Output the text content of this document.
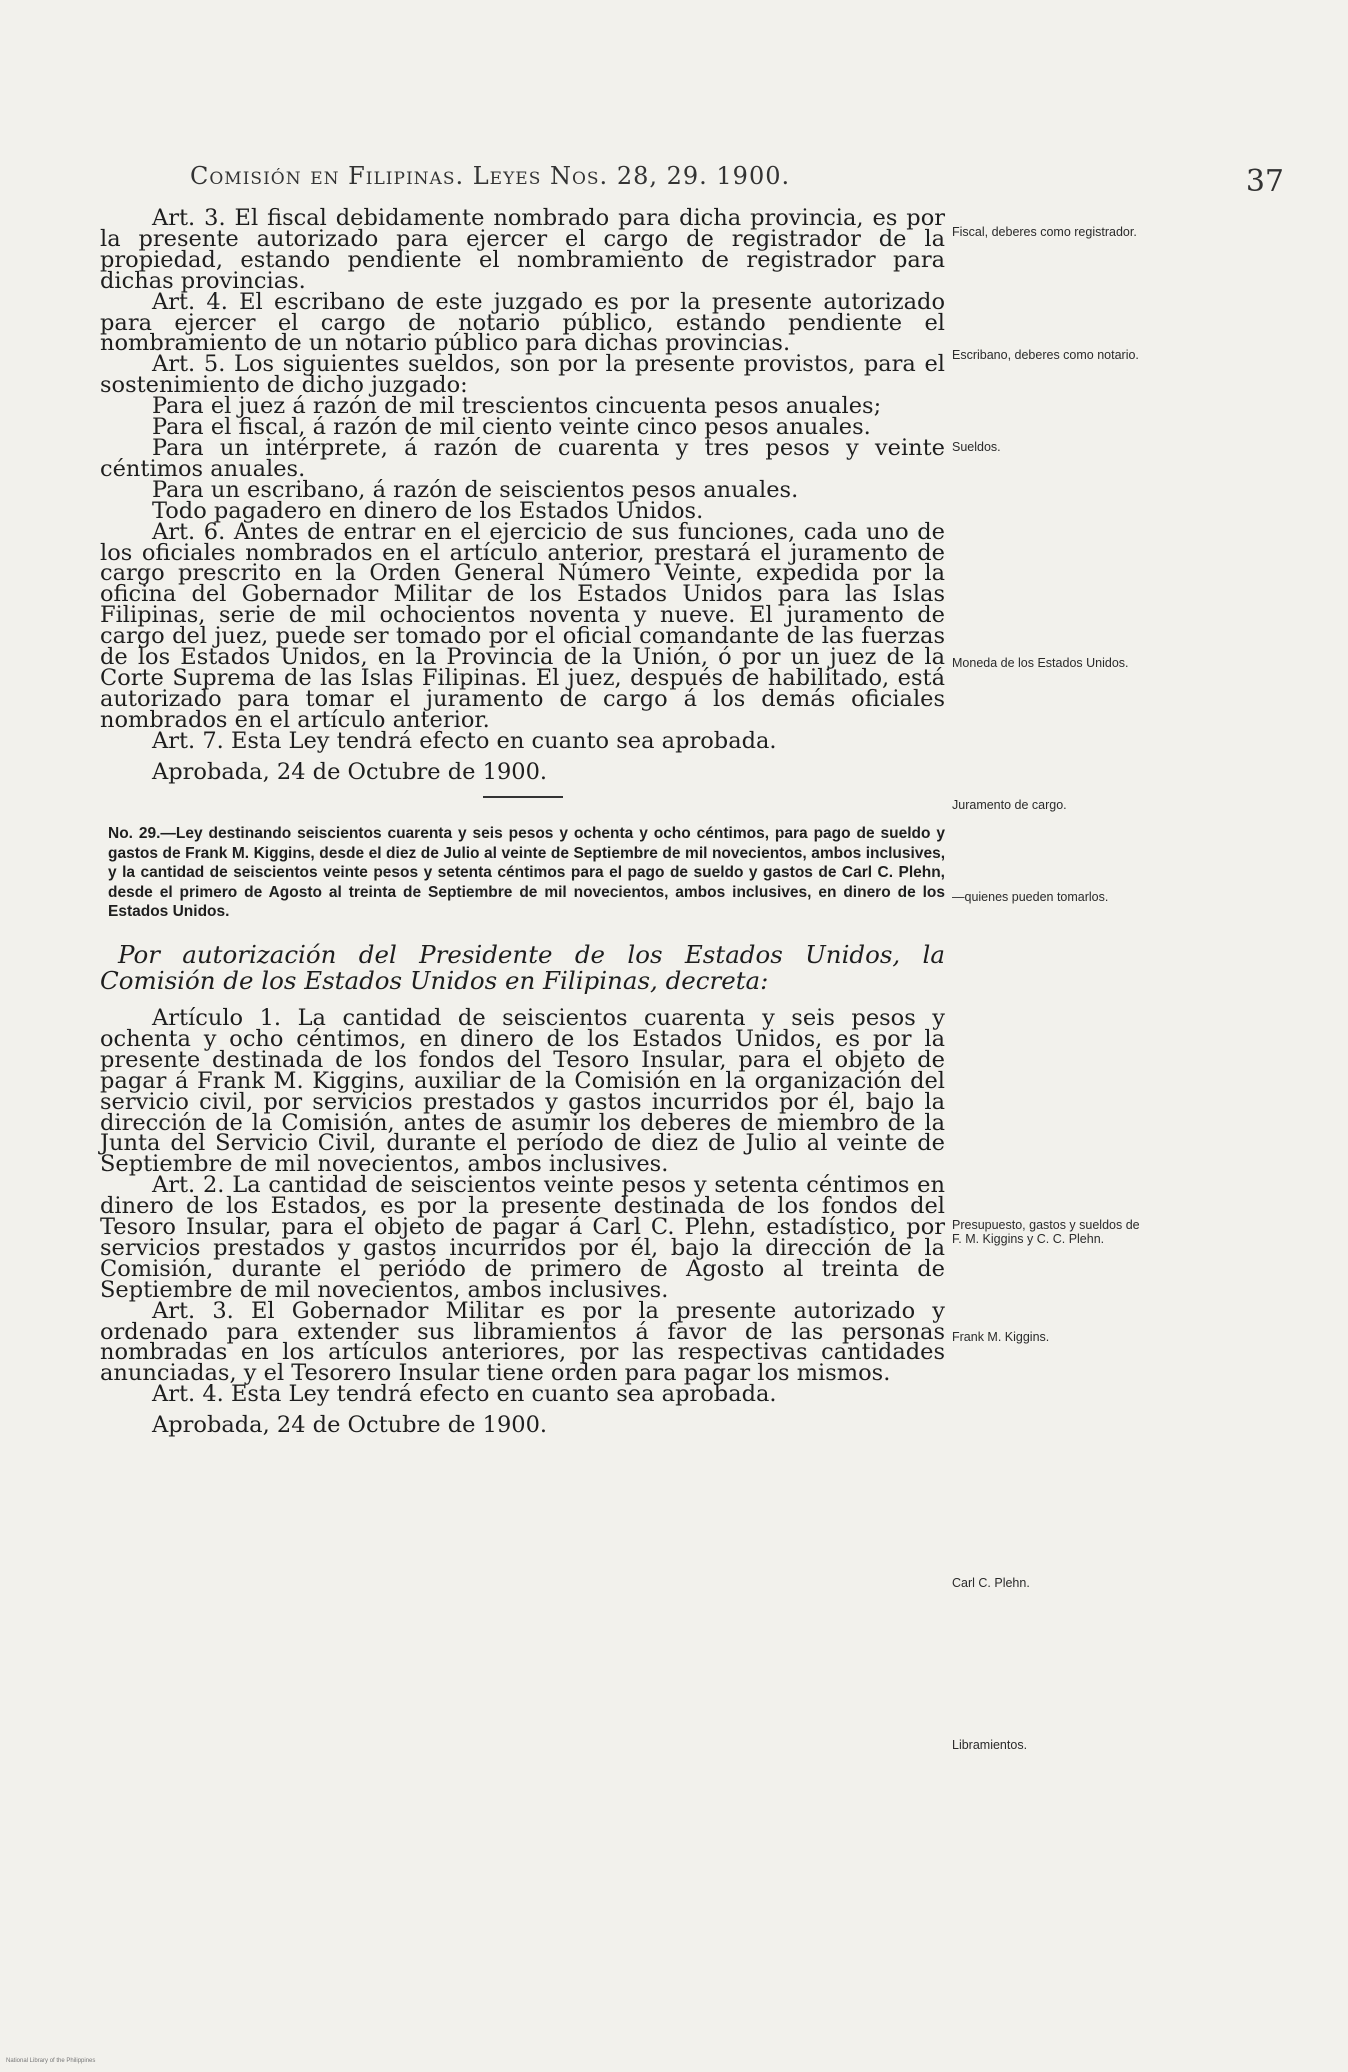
Comisión en Filipinas. Leyes Nos. 28, 29. 1900.	37

Art. 3. El fiscal debidamente nombrado para dicha provincia, es por la presente autorizado para ejercer el cargo de registrador de la propiedad, estando pendiente el nombramiento de registrador para dichas provincias.

Art. 4. El escribano de este juzgado es por la presente autorizado para ejercer el cargo de notario público, estando pendiente el nombramiento de un notario público para dichas provincias.

Art. 5. Los siguientes sueldos, son por la presente provistos, para el sostenimiento de dicho juzgado:

Para el juez á razón de mil trescientos cincuenta pesos anuales;

Para el fiscal, á razón de mil ciento veinte cinco pesos anuales.

Para un intérprete, á razón de cuarenta y tres pesos y veinte céntimos anuales.

Para un escribano, á razón de seiscientos pesos anuales.

Todo pagadero en dinero de los Estados Unidos.

Art. 6. Antes de entrar en el ejercicio de sus funciones, cada uno de los oficiales nombrados en el artículo anterior, prestará el juramento de cargo prescrito en la Orden General Número Veinte, expedida por la oficina del Gobernador Militar de los Estados Unidos para las Islas Filipinas, serie de mil ochocientos noventa y nueve. El juramento de cargo del juez, puede ser tomado por el oficial comandante de las fuerzas de los Estados Unidos, en la Provincia de la Unión, ó por un juez de la Corte Suprema de las Islas Filipinas. El juez, después de habilitado, está autorizado para tomar el juramento de cargo á los demás oficiales nombrados en el artículo anterior.

Art. 7. Esta Ley tendrá efecto en cuanto sea aprobada.

Aprobada, 24 de Octubre de 1900.

No. 29.—Ley destinando seiscientos cuarenta y seis pesos y ochenta y ocho céntimos, para pago de sueldo y gastos de Frank M. Kiggins, desde el diez de Julio al veinte de Septiembre de mil novecientos, ambos inclusives, y la cantidad de seiscientos veinte pesos y setenta céntimos para el pago de sueldo y gastos de Carl C. Plehn, desde el primero de Agosto al treinta de Septiembre de mil novecientos, ambos inclusives, en dinero de los Estados Unidos.

Por autorización del Presidente de los Estados Unidos, la Comisión de los Estados Unidos en Filipinas, decreta:

Artículo 1. La cantidad de seiscientos cuarenta y seis pesos y ochenta y ocho céntimos, en dinero de los Estados Unidos, es por la presente destinada de los fondos del Tesoro Insular, para el objeto de pagar á Frank M. Kiggins, auxiliar de la Comisión en la organización del servicio civil, por servicios prestados y gastos incurridos por él, bajo la dirección de la Comisión, antes de asumir los deberes de miembro de la Junta del Servicio Civil, durante el período de diez de Julio al veinte de Septiembre de mil novecientos, ambos inclusives.

Art. 2. La cantidad de seiscientos veinte pesos y setenta céntimos en dinero de los Estados, es por la presente destinada de los fondos del Tesoro Insular, para el objeto de pagar á Carl C. Plehn, estadístico, por servicios prestados y gastos incurridos por él, bajo la dirección de la Comisión, durante el periódo de primero de Agosto al treinta de Septiembre de mil novecientos, ambos inclusives.

Art. 3. El Gobernador Militar es por la presente autorizado y ordenado para extender sus libramientos á favor de las personas nombradas en los artículos anteriores, por las respectivas cantidades anunciadas, y el Tesorero Insular tiene orden para pagar los mismos.

Art. 4. Esta Ley tendrá efecto en cuanto sea aprobada.

Aprobada, 24 de Octubre de 1900.

Fiscal, deberes como registrador.
Escribano, deberes como notario.
Sueldos.
Moneda de los Estados Unidos.
Juramento de cargo.
—quienes pueden tomarlos.
Presupuesto, gastos y sueldos de F. M. Kiggins y C. C. Plehn.
Frank M. Kiggins.
Carl C. Plehn.
Libramientos.
National Library of the Philippines
